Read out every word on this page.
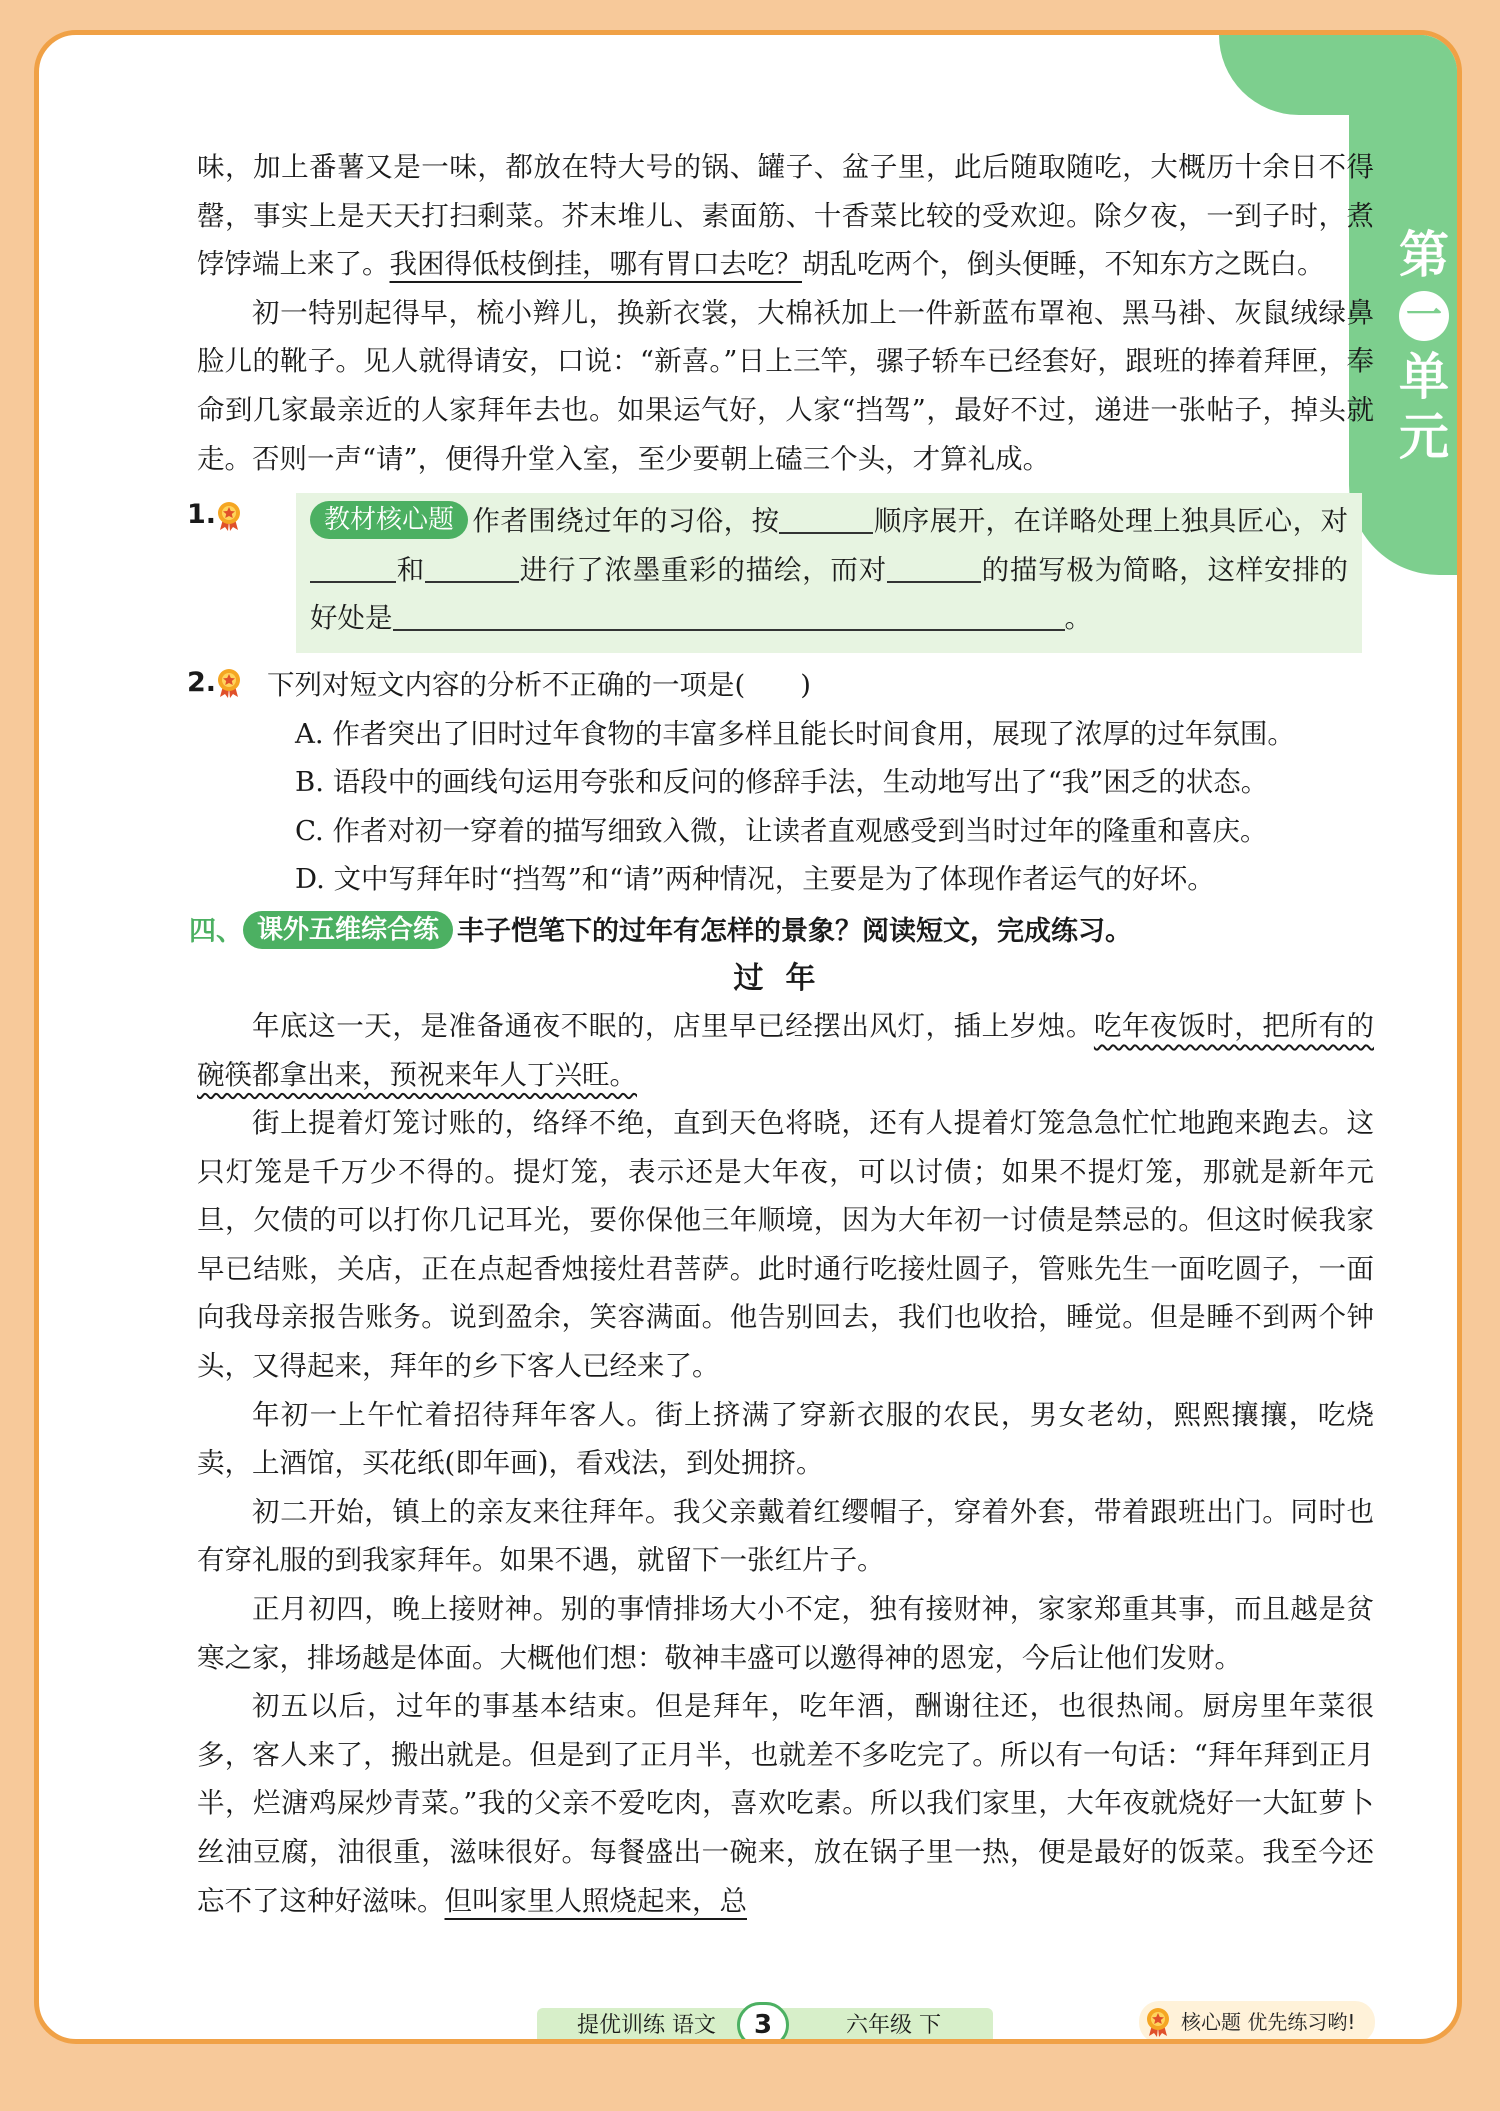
第
一
单
元

味，加上番薯又是一味，都放在特大号的锅、罐子、盆子里，此后随取随吃，大概历十余日不得罄，事实上是天天打扫剩菜。芥末堆儿、素面筋、十香菜比较的受欢迎。除夕夜，一到子时，煮饽饽端上来了。我困得低枝倒挂，哪有胃口去吃？胡乱吃两个，倒头便睡，不知东方之既白。

初一特别起得早，梳小辫儿，换新衣裳，大棉袄加上一件新蓝布罩袍、黑马褂、灰鼠绒绿鼻脸儿的靴子。见人就得请安，口说：“新喜。”日上三竿，骡子轿车已经套好，跟班的捧着拜匣，奉命到几家最亲近的人家拜年去也。如果运气好，人家“挡驾”，最好不过，递进一张帖子，掉头就走。否则一声“请”，便得升堂入室，至少要朝上磕三个头，才算礼成。

1.	教材核心题 作者围绕过年的习俗，按	顺序展开，在详略处理上独具匠心，对和	进行了浓墨重彩的描绘，而对	的描写极为简略，这样安排的好处是	。

2.	下列对短文内容的分析不正确的一项是(　　)
A. 作者突出了旧时过年食物的丰富多样且能长时间食用，展现了浓厚的过年氛围。
B. 语段中的画线句运用夸张和反问的修辞手法，生动地写出了“我”困乏的状态。
C. 作者对初一穿着的描写细致入微，让读者直观感受到当时过年的隆重和喜庆。
D. 文中写拜年时“挡驾”和“请”两种情况，主要是为了体现作者运气的好坏。
四、 课外五维综合练 丰子恺笔下的过年有怎样的景象？阅读短文，完成练习。
过年

年底这一天，是准备通夜不眠的，店里早已经摆出风灯，插上岁烛。吃年夜饭时，把所有的碗筷都拿出来，预祝来年人丁兴旺。

街上提着灯笼讨账的，络绎不绝，直到天色将晓，还有人提着灯笼急急忙忙地跑来跑去。这只灯笼是千万少不得的。提灯笼，表示还是大年夜，可以讨债；如果不提灯笼，那就是新年元旦，欠债的可以打你几记耳光，要你保他三年顺境，因为大年初一讨债是禁忌的。但这时候我家早已结账，关店，正在点起香烛接灶君菩萨。此时通行吃接灶圆子，管账先生一面吃圆子，一面向我母亲报告账务。说到盈余，笑容满面。他告别回去，我们也收拾，睡觉。但是睡不到两个钟头，又得起来，拜年的乡下客人已经来了。

年初一上午忙着招待拜年客人。街上挤满了穿新衣服的农民，男女老幼，熙熙攘攘，吃烧卖，上酒馆，买花纸(即年画)，看戏法，到处拥挤。

初二开始，镇上的亲友来往拜年。我父亲戴着红缨帽子，穿着外套，带着跟班出门。同时也有穿礼服的到我家拜年。如果不遇，就留下一张红片子。

正月初四，晚上接财神。别的事情排场大小不定，独有接财神，家家郑重其事，而且越是贫寒之家，排场越是体面。大概他们想：敬神丰盛可以邀得神的恩宠，今后让他们发财。

初五以后，过年的事基本结束。但是拜年，吃年酒，酬谢往还，也很热闹。厨房里年菜很多，客人来了，搬出就是。但是到了正月半，也就差不多吃完了。所以有一句话：“拜年拜到正月半，烂溏鸡屎炒青菜。”我的父亲不爱吃肉，喜欢吃素。所以我们家里，大年夜就烧好一大缸萝卜丝油豆腐，油很重，滋味很好。每餐盛出一碗来，放在锅子里一热，便是最好的饭菜。我至今还忘不了这种好滋味。但叫家里人照烧起来，总

提优训练 语文	3	六年级 下	核心题 优先练习哟!
